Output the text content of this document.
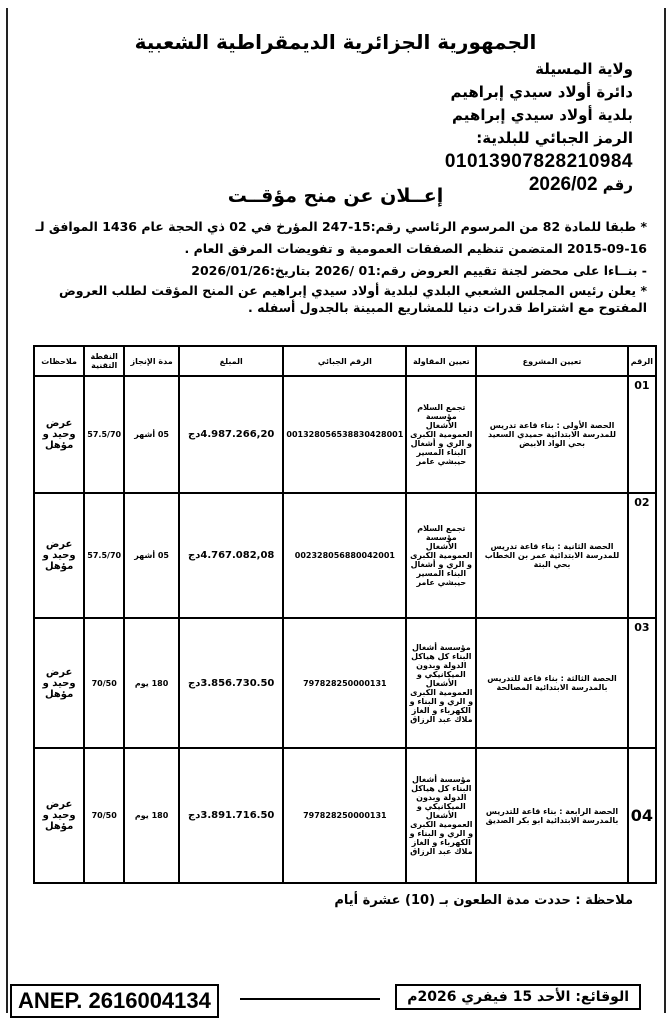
الجمهورية الجزائرية الديمقراطية الشعبية
ولاية المسيلة
دائرة أولاد سيدي إبراهيم
بلدية أولاد سيدي إبراهيم
الرمز الجبائي للبلدية:
01013907828210984
رقم 2026/02
إعــلان عن منح مؤقــت

* طبقا للمادة 82 من المرسوم الرئاسي رقم:15-247 المؤرخ في 02 ذي الحجة عام 1436 الموافق لـ 16-09-2015 المتضمن تنظيم الصفقات العمومية و تفويضات المرفق العام .

- بنــاءا على محضر لجنة تقييم العروض رقم:01 /2026 بتاريخ:2026/01/26

* يعلن رئيس المجلس الشعبي البلدي لبلدية أولاد سيدي إبراهيم عن المنح المؤقت لطلب العروض المفتوح مع اشتراط قدرات دنيا للمشاريع المبينة بالجدول أسفله .

الرقم	تعيين المشروع	تعيين المقاولة	الرقم الجبائي	المبلغ	مدة الإنجاز	النقطة التقنية	ملاحظات
01	الحصة الأولى : بناء قاعة تدريس للمدرسة الابتدائية حميدي السعيد بحي الواد الابيض	تجمع السلام مؤسسة الأشغال العمومية الكبرى و الري و أشغال البناء المسير حيبشي عامر	001328056538830428001	4.987.266,20دج	05 أشهر	57.5/70	عرض وحيد و مؤهل
02	الحصة الثانية : بناء قاعة تدريس للمدرسة الابتدائية عمر بن الخطاب بحي البتة	تجمع السلام مؤسسة الأشغال العمومية الكبرى و الري و أشغال البناء المسير حيبشي عامر	002328056880042001	4.767.082,08دج	05 أشهر	57.5/70	عرض وحيد و مؤهل
03	الحصة الثالثة : بناء قاعة للتدريس بالمدرسة الابتدائية المصالحة	مؤسسة أشغال البناء كل هياكل الدولة وبدون الميكانيكي و الأشغال العمومية الكبرى و الري و البناء و الكهرباء و الغاز ملاك عبد الرزاق	797828250000131	3.856.730.50دج	180 يوم	70/50	عرض وحيد و مؤهل
04	الحصة الرابعة : بناء قاعة للتدريس بالمدرسة الابتدائية ابو بكر الصديق	مؤسسة أشغال البناء كل هياكل الدولة وبدون الميكانيكي و الأشغال العمومية الكبرى و الري و البناء و الكهرباء و الغاز ملاك عبد الرزاق	797828250000131	3.891.716.50دج	180 يوم	70/50	عرض وحيد و مؤهل
ملاحظة : حددت مدة الطعون بـ (10) عشرة أيام
ANEP. 2616004134	الوقائع: الأحد 15 فيفري 2026م
